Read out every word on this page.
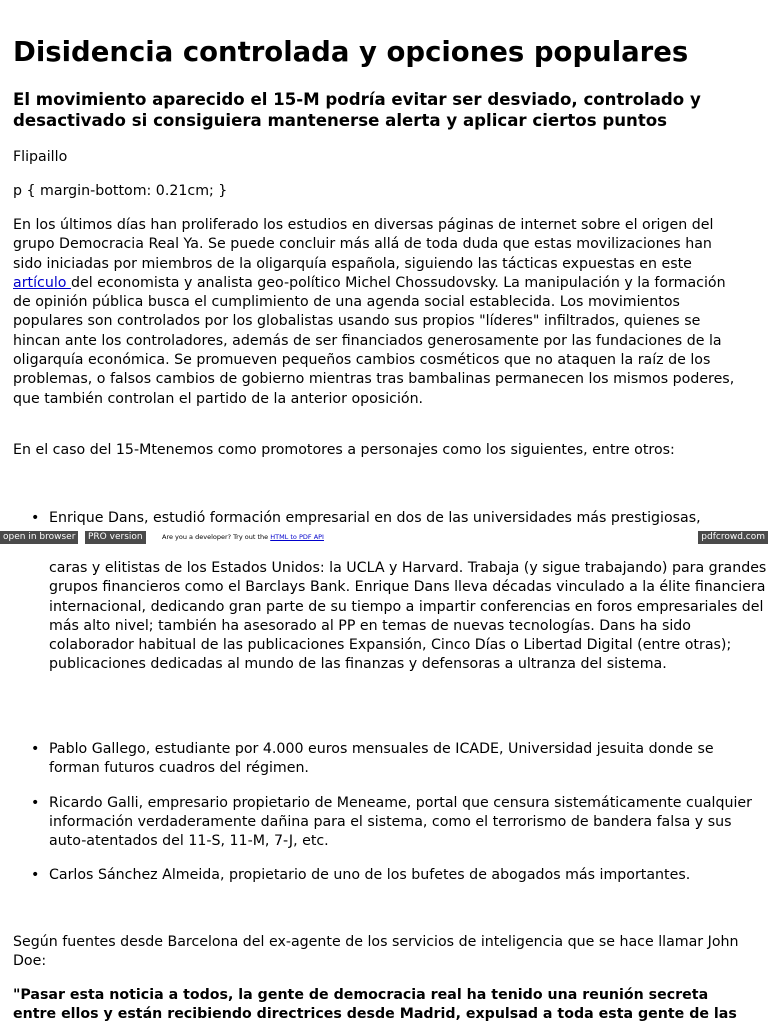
Disidencia controlada y opciones populares
El movimiento aparecido el 15-M podría evitar ser desviado, controlado y desactivado si consiguiera mantenerse alerta y aplicar ciertos puntos

Flipaillo

p { margin-bottom: 0.21cm; }

En los últimos días han proliferado los estudios en diversas páginas de internet sobre el origen del grupo Democracia Real Ya. Se puede concluir más allá de toda duda que estas movilizaciones han sido iniciadas por miembros de la oligarquía española, siguiendo las tácticas expuestas en este artículo del economista y analista geo-político Michel Chossudovsky. La manipulación y la formación de opinión pública busca el cumplimiento de una agenda social establecida. Los movimientos populares son controlados por los globalistas usando sus propios "líderes" infiltrados, quienes se hincan ante los controladores, además de ser financiados generosamente por las fundaciones de la oligarquía económica. Se promueven pequeños cambios cosméticos que no ataquen la raíz de los problemas, o falsos cambios de gobierno mientras tras bambalinas permanecen los mismos poderes, que también controlan el partido de la anterior oposición.

En el caso del 15-Mtenemos como promotores a personajes como los siguientes, entre otros:

• Enrique Dans, estudió formación empresarial en dos de las universidades más prestigiosas,

caras y elitistas de los Estados Unidos: la UCLA y Harvard. Trabaja (y sigue trabajando) para grandes grupos financieros como el Barclays Bank. Enrique Dans lleva décadas vinculado a la élite financiera internacional, dedicando gran parte de su tiempo a impartir conferencias en foros empresariales del más alto nivel; también ha asesorado al PP en temas de nuevas tecnologías. Dans ha sido colaborador habitual de las publicaciones Expansión, Cinco Días o Libertad Digital (entre otras); publicaciones dedicadas al mundo de las finanzas y defensoras a ultranza del sistema.

• Pablo Gallego, estudiante por 4.000 euros mensuales de ICADE, Universidad jesuita donde se forman futuros cuadros del régimen.
• Ricardo Galli, empresario propietario de Meneame, portal que censura sistemáticamente cualquier información verdaderamente dañina para el sistema, como el terrorismo de bandera falsa y sus auto-atentados del 11-S, 11-M, 7-J, etc.
• Carlos Sánchez Almeida, propietario de uno de los bufetes de abogados más importantes.

Según fuentes desde Barcelona del ex-agente de los servicios de inteligencia que se hace llamar John Doe:

"Pasar esta noticia a todos, la gente de democracia real ha tenido una reunión secreta entre ellos y están recibiendo directrices desde Madrid, expulsad a toda esta gente de las

open in browser	PRO version	Are you a developer? Try out the HTML to PDF API	pdfcrowd.com
